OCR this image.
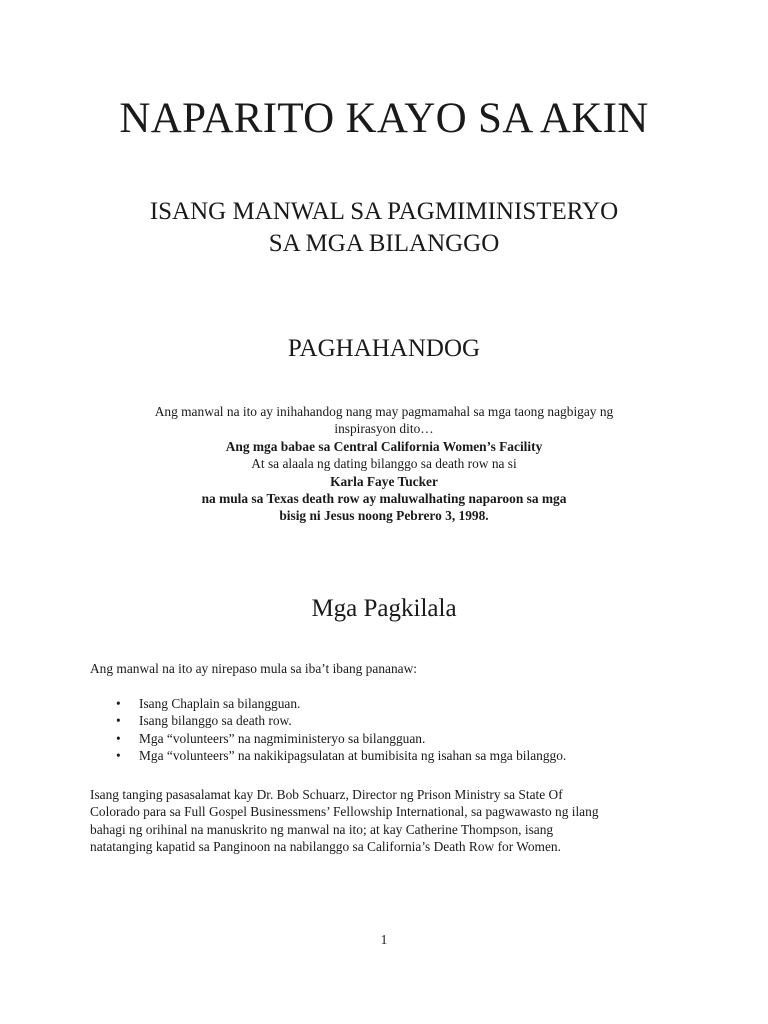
NAPARITO KAYO SA AKIN
ISANG MANWAL SA PAGMIMINISTERYO
SA MGA BILANGGO
PAGHAHANDOG
Ang manwal na ito ay inihahandog nang may pagmamahal sa mga taong nagbigay ng
inspirasyon dito…
Ang mga babae sa Central California Women’s Facility
At sa alaala ng dating bilanggo sa death row na si
Karla Faye Tucker
na mula sa Texas death row ay maluwalhating naparoon sa mga
bisig ni Jesus noong Pebrero 3, 1998.
Mga Pagkilala

Ang manwal na ito ay nirepaso mula sa iba’t ibang pananaw:

• Isang Chaplain sa bilangguan.
• Isang bilanggo sa death row.
• Mga “volunteers” na nagmiministeryo sa bilangguan.
• Mga “volunteers” na nakikipagsulatan at bumibisita ng isahan sa mga bilanggo.

Isang tanging pasasalamat kay Dr. Bob Schuarz, Director ng Prison Ministry sa State Of
Colorado para sa Full Gospel Businessmens’ Fellowship International, sa pagwawasto ng ilang
bahagi ng orihinal na manuskrito ng manwal na ito; at kay Catherine Thompson, isang
natatanging kapatid sa Panginoon na nabilanggo sa California’s Death Row for Women.

1
